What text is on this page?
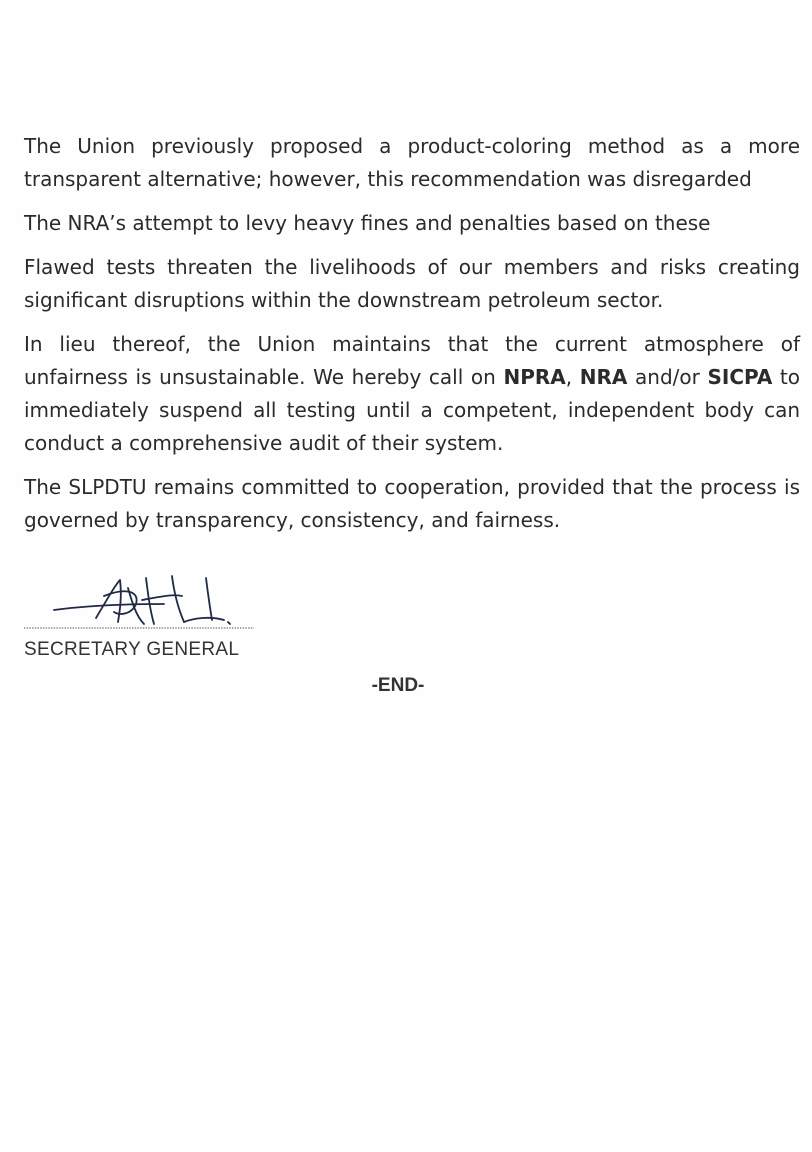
The Union previously proposed a product-coloring method as a more transparent alternative; however, this recommendation was disregarded

The NRA’s attempt to levy heavy fines and penalties based on these

Flawed tests threaten the livelihoods of our members and risks creating significant disruptions within the downstream petroleum sector.

In lieu thereof, the Union maintains that the current atmosphere of unfairness is unsustainable. We hereby call on NPRA, NRA and/or SICPA to immediately suspend all testing until a competent, independent body can conduct a comprehensive audit of their system.

The SLPDTU remains committed to cooperation, provided that the process is governed by transparency, consistency, and fairness.

SECRETARY GENERAL
-END-
